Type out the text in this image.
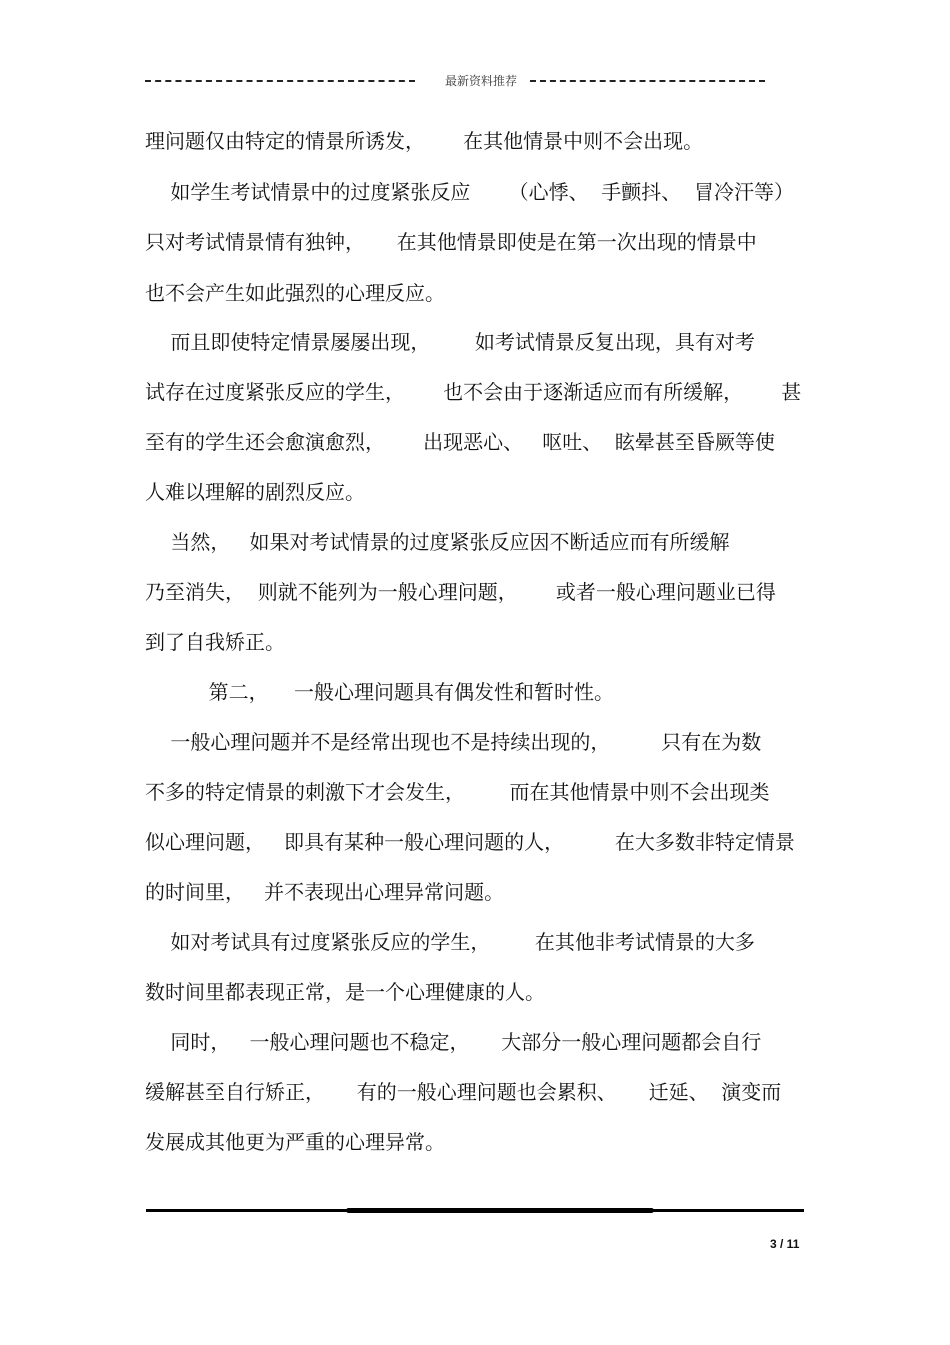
最新资料推荐
理问题仅由特定的情景所诱发，      在其他情景中则不会出现。
如学生考试情景中的过度紧张反应      （心悸、  手颤抖、  冒冷汗等）
只对考试情景情有独钟，     在其他情景即使是在第一次出现的情景中
也不会产生如此强烈的心理反应。
而且即使特定情景屡屡出现，       如考试情景反复出现，具有对考
试存在过度紧张反应的学生，      也不会由于逐渐适应而有所缓解，      甚
至有的学生还会愈演愈烈，      出现恶心、   呕吐、  眩晕甚至昏厥等使
人难以理解的剧烈反应。
当然，   如果对考试情景的过度紧张反应因不断适应而有所缓解
乃至消失，  则就不能列为一般心理问题，      或者一般心理问题业已得
到了自我矫正。
第二，    一般心理问题具有偶发性和暂时性。
一般心理问题并不是经常出现也不是持续出现的，        只有在为数
不多的特定情景的刺激下才会发生，       而在其他情景中则不会出现类
似心理问题，   即具有某种一般心理问题的人，        在大多数非特定情景
的时间里，   并不表现出心理异常问题。
如对考试具有过度紧张反应的学生，       在其他非考试情景的大多
数时间里都表现正常，是一个心理健康的人。
同时，   一般心理问题也不稳定，     大部分一般心理问题都会自行
缓解甚至自行矫正，     有的一般心理问题也会累积、     迁延、  演变而
发展成其他更为严重的心理异常。
3 / 11
